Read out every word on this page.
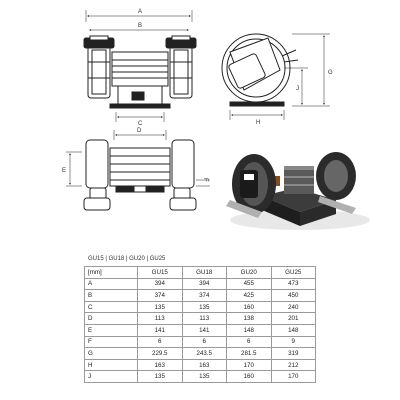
A
B
C
G
J
H
D
E
F
GU15 | GU18 | GU20 | GU25
[mm]	GU15	GU18	GU20	GU25
A	394	394	455	473
B	374	374	425	450
C	135	135	160	240
D	113	113	138	201
E	141	141	148	148
F	6	6	6	9
G	229.5	243.5	281.5	319
H	163	163	170	212
J	135	135	160	170
